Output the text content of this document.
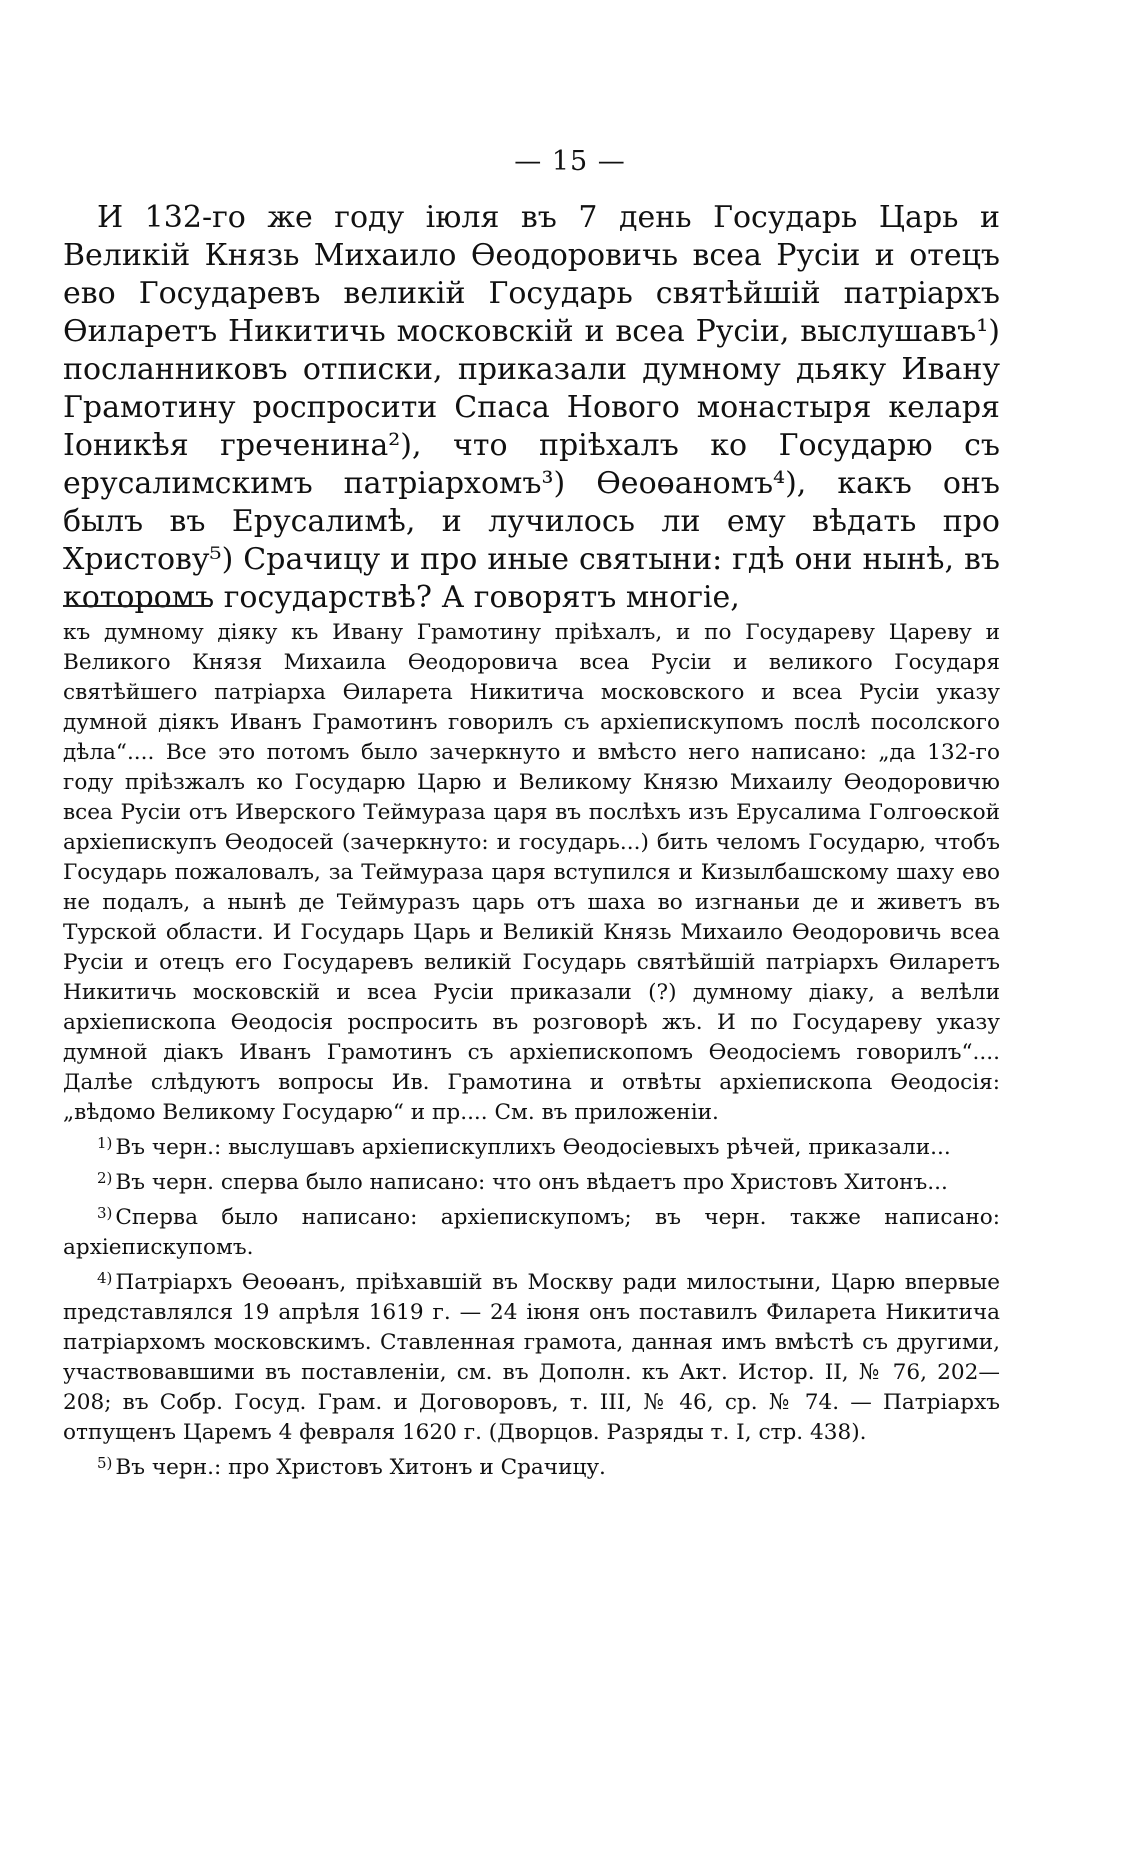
— 15 —

И 132-го же году іюля въ 7 день Государь Царь и Великій Князь Михаило Өеодоровичь всеа Русіи и отецъ ево Государевъ великій Государь святѣйшій патріархъ Өиларетъ Никитичь московскій и всеа Русіи, выслушавъ¹) посланниковъ отписки, приказали думному дьяку Ивану Грамотину роспросити Спаса Нового монастыря келаря Іоникѣя греченина²), что пріѣхалъ ко Государю съ ерусалимскимъ патріархомъ³) Өеоөаномъ⁴), какъ онъ былъ въ Ерусалимѣ, и лучилось ли ему вѣдать про Христову⁵) Срачицу и про иные святыни: гдѣ они нынѣ, въ которомъ государствѣ? А говорятъ многіе,

къ думному діяку къ Ивану Грамотину пріѣхалъ, и по Государеву Цареву и Великого Князя Михаила Өеодоровича всеа Русіи и великого Государя святѣйшего патріарха Өиларета Никитича московского и всеа Русіи указу думной діякъ Иванъ Грамотинъ говорилъ съ архіепискупомъ послѣ посолского дѣла“.... Все это потомъ было зачеркнуто и вмѣсто него написано: „да 132-го году пріѣзжалъ ко Государю Царю и Великому Князю Михаилу Өеодоровичю всеа Русіи отъ Иверского Теймураза царя въ послѣхъ изъ Ерусалима Голгоөской архіепискупъ Өеодосей (зачеркнуто: и государь...) бить челомъ Государю, чтобъ Государь пожаловалъ, за Теймураза царя вступился и Кизылбашскому шаху ево не подалъ, а нынѣ де Теймуразъ царь отъ шаха во изгнаньи де и живетъ въ Турской области. И Государь Царь и Великій Князь Михаило Өеодоровичь всеа Русіи и отецъ его Государевъ великій Государь святѣйшій патріархъ Өиларетъ Никитичь московскій и всеа Русіи приказали (?) думному діаку, а велѣли архіепископа Өеодосія роспросить въ розговорѣ жъ. И по Государеву указу думной діакъ Иванъ Грамотинъ съ архіепископомъ Өеодосіемъ говорилъ“.... Далѣе слѣдуютъ вопросы Ив. Грамотина и отвѣты архіепископа Өеодосія: „вѣдомо Великому Государю“ и пр.... См. въ приложеніи.

$^{1)}$ Въ черн.: выслушавъ архіепискуплихъ Өеодосіевыхъ рѣчей, приказали...

$^{2)}$ Въ черн. сперва было написано: что онъ вѣдаетъ про Христовъ Хитонъ...

$^{3)}$ Сперва было написано: архіепискупомъ; въ черн. также написано: архіепискупомъ.

$^{4)}$ Патріархъ Өеоөанъ, пріѣхавшій въ Москву ради милостыни, Царю впервые представлялся 19 апрѣля 1619 г. — 24 іюня онъ поставилъ Филарета Никитича патріархомъ московскимъ. Ставленная грамота, данная имъ вмѣстѣ съ другими, участвовавшими въ поставленіи, см. въ Дополн. къ Акт. Истор. II, № 76, 202—208; въ Собр. Госуд. Грам. и Договоровъ, т. III, № 46, ср. № 74. — Патріархъ отпущенъ Царемъ 4 февраля 1620 г. (Дворцов. Разряды т. I, стр. 438).

$^{5)}$ Въ черн.: про Христовъ Хитонъ и Срачицу.
